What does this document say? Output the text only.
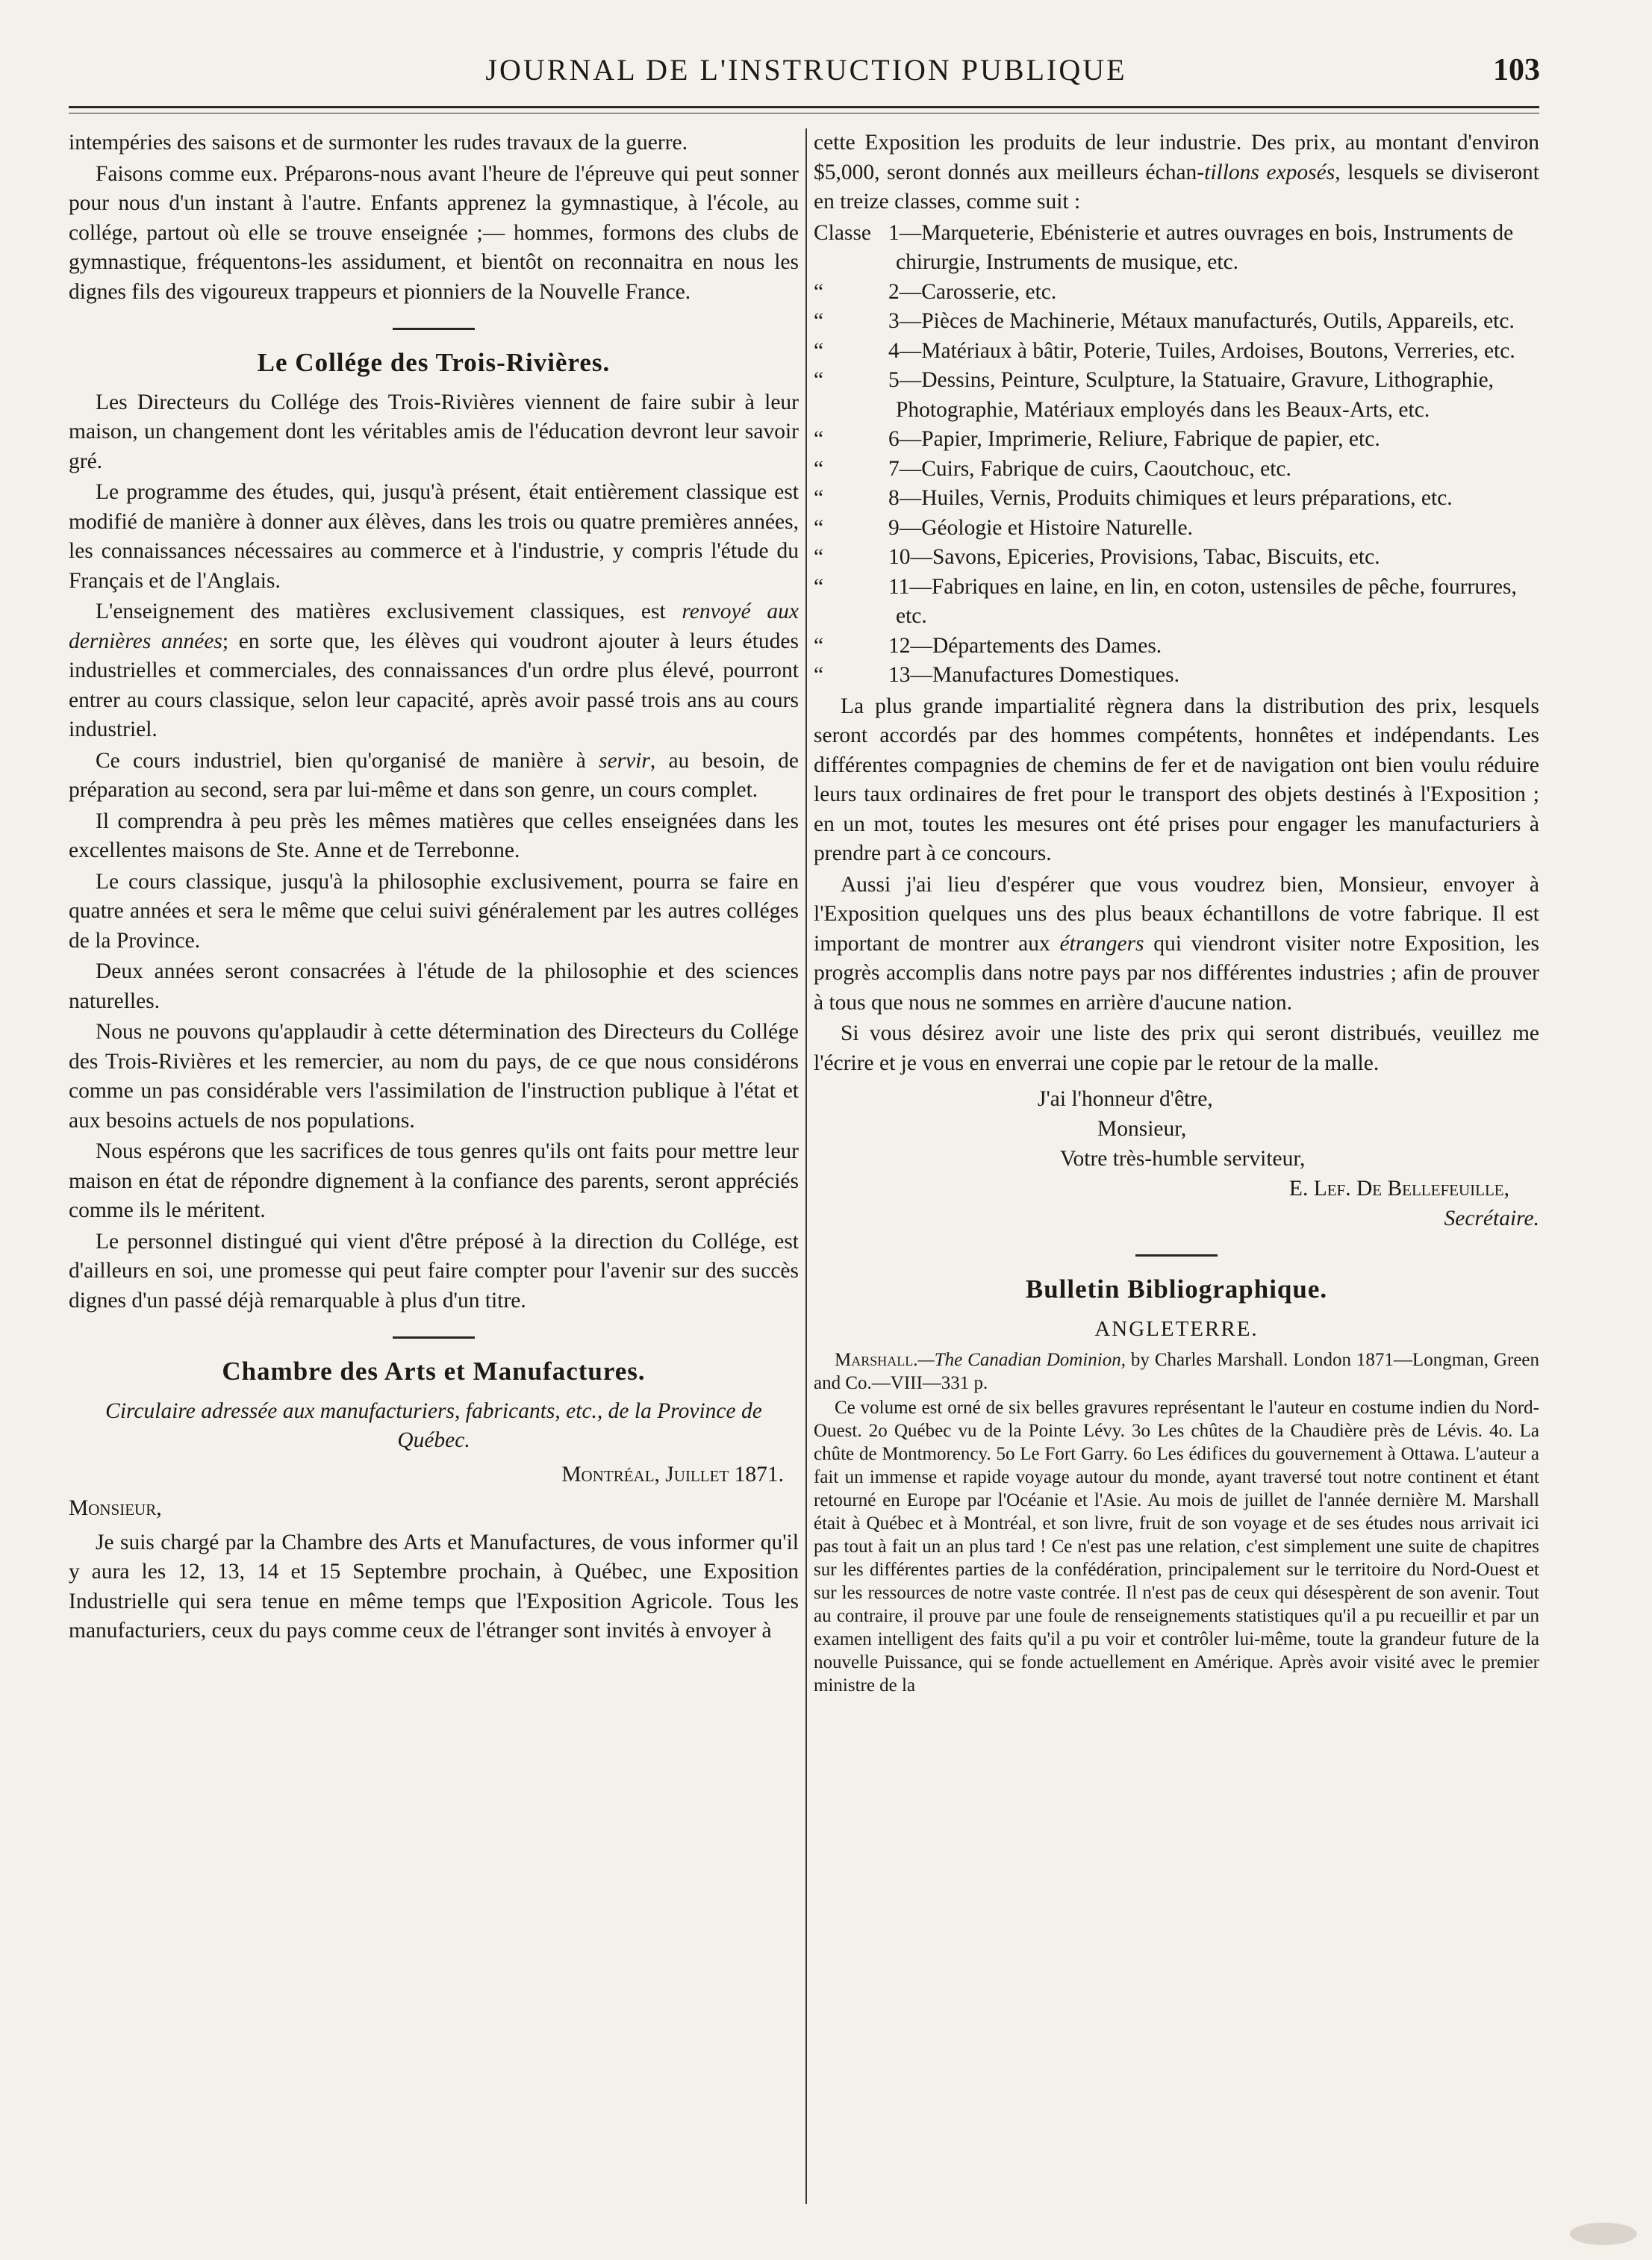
JOURNAL DE L'INSTRUCTION PUBLIQUE	103

intempéries des saisons et de surmonter les rudes travaux de la guerre.

Faisons comme eux. Préparons-nous avant l'heure de l'épreuve qui peut sonner pour nous d'un instant à l'autre. Enfants apprenez la gymnastique, à l'école, au collége, partout où elle se trouve enseignée ;— hommes, formons des clubs de gymnastique, fréquentons-les assidument, et bientôt on reconnaitra en nous les dignes fils des vigoureux trappeurs et pionniers de la Nouvelle France.

Le Collége des Trois-Rivières.

Les Directeurs du Collége des Trois-Rivières viennent de faire subir à leur maison, un changement dont les véritables amis de l'éducation devront leur savoir gré.

Le programme des études, qui, jusqu'à présent, était entièrement classique est modifié de manière à donner aux élèves, dans les trois ou quatre premières années, les connaissances nécessaires au commerce et à l'industrie, y compris l'étude du Français et de l'Anglais.

L'enseignement des matières exclusivement classiques, est renvoyé aux dernières années; en sorte que, les élèves qui voudront ajouter à leurs études industrielles et commerciales, des connaissances d'un ordre plus élevé, pourront entrer au cours classique, selon leur capacité, après avoir passé trois ans au cours industriel.

Ce cours industriel, bien qu'organisé de manière à servir, au besoin, de préparation au second, sera par lui-même et dans son genre, un cours complet.

Il comprendra à peu près les mêmes matières que celles enseignées dans les excellentes maisons de Ste. Anne et de Terrebonne.

Le cours classique, jusqu'à la philosophie exclusivement, pourra se faire en quatre années et sera le même que celui suivi généralement par les autres colléges de la Province.

Deux années seront consacrées à l'étude de la philosophie et des sciences naturelles.

Nous ne pouvons qu'applaudir à cette détermination des Directeurs du Collége des Trois-Rivières et les remercier, au nom du pays, de ce que nous considérons comme un pas considérable vers l'assimilation de l'instruction publique à l'état et aux besoins actuels de nos populations.

Nous espérons que les sacrifices de tous genres qu'ils ont faits pour mettre leur maison en état de répondre dignement à la confiance des parents, seront appréciés comme ils le méritent.

Le personnel distingué qui vient d'être préposé à la direction du Collége, est d'ailleurs en soi, une promesse qui peut faire compter pour l'avenir sur des succès dignes d'un passé déjà remarquable à plus d'un titre.

Chambre des Arts et Manufactures.

Circulaire adressée aux manufacturiers, fabricants, etc., de la Province de Québec.

Montréal, Juillet 1871.

Monsieur,

Je suis chargé par la Chambre des Arts et Manufactures, de vous informer qu'il y aura les 12, 13, 14 et 15 Septembre prochain, à Québec, une Exposition Industrielle qui sera tenue en même temps que l'Exposition Agricole. Tous les manufacturiers, ceux du pays comme ceux de l'étranger sont invités à envoyer à

cette Exposition les produits de leur industrie. Des prix, au montant d'environ $5,000, seront donnés aux meilleurs échan-tillons exposés, lesquels se diviseront en treize classes, comme suit :

Classe 1—Marqueterie, Ebénisterie et autres ouvrages en bois, Instruments de chirurgie, Instruments de musique, etc.
“	2—Carosserie, etc.
“	3—Pièces de Machinerie, Métaux manufacturés, Outils, Appareils, etc.
“	4—Matériaux à bâtir, Poterie, Tuiles, Ardoises, Boutons, Verreries, etc.
“	5—Dessins, Peinture, Sculpture, la Statuaire, Gravure, Lithographie, Photographie, Matériaux employés dans les Beaux-Arts, etc.
“	6—Papier, Imprimerie, Reliure, Fabrique de papier, etc.
“	7—Cuirs, Fabrique de cuirs, Caoutchouc, etc.
“	8—Huiles, Vernis, Produits chimiques et leurs préparations, etc.
“	9—Géologie et Histoire Naturelle.
“	10—Savons, Epiceries, Provisions, Tabac, Biscuits, etc.
“	11—Fabriques en laine, en lin, en coton, ustensiles de pêche, fourrures, etc.
“	12—Départements des Dames.
“	13—Manufactures Domestiques.

La plus grande impartialité règnera dans la distribution des prix, lesquels seront accordés par des hommes compétents, honnêtes et indépendants. Les différentes compagnies de chemins de fer et de navigation ont bien voulu réduire leurs taux ordinaires de fret pour le transport des objets destinés à l'Exposition ; en un mot, toutes les mesures ont été prises pour engager les manufacturiers à prendre part à ce concours.

Aussi j'ai lieu d'espérer que vous voudrez bien, Monsieur, envoyer à l'Exposition quelques uns des plus beaux échantillons de votre fabrique. Il est important de montrer aux étrangers qui viendront visiter notre Exposition, les progrès accomplis dans notre pays par nos différentes industries ; afin de prouver à tous que nous ne sommes en arrière d'aucune nation.

Si vous désirez avoir une liste des prix qui seront distribués, veuillez me l'écrire et je vous en enverrai une copie par le retour de la malle.

J'ai l'honneur d'être,
Monsieur,
Votre très-humble serviteur,
E. Lef. De Bellefeuille,
Secrétaire.
Bulletin Bibliographique.
ANGLETERRE.

Marshall.—The Canadian Dominion, by Charles Marshall. London 1871—Longman, Green and Co.—VIII—331 p.

Ce volume est orné de six belles gravures représentant le l'auteur en costume indien du Nord-Ouest. 2o Québec vu de la Pointe Lévy. 3o Les chûtes de la Chaudière près de Lévis. 4o. La chûte de Montmorency. 5o Le Fort Garry. 6o Les édifices du gouvernement à Ottawa. L'auteur a fait un immense et rapide voyage autour du monde, ayant traversé tout notre continent et étant retourné en Europe par l'Océanie et l'Asie. Au mois de juillet de l'année dernière M. Marshall était à Québec et à Montréal, et son livre, fruit de son voyage et de ses études nous arrivait ici pas tout à fait un an plus tard ! Ce n'est pas une relation, c'est simplement une suite de chapitres sur les différentes parties de la confédération, principalement sur le territoire du Nord-Ouest et sur les ressources de notre vaste contrée. Il n'est pas de ceux qui désespèrent de son avenir. Tout au contraire, il prouve par une foule de renseignements statistiques qu'il a pu recueillir et par un examen intelligent des faits qu'il a pu voir et contrôler lui-même, toute la grandeur future de la nouvelle Puissance, qui se fonde actuellement en Amérique. Après avoir visité avec le premier ministre de la
